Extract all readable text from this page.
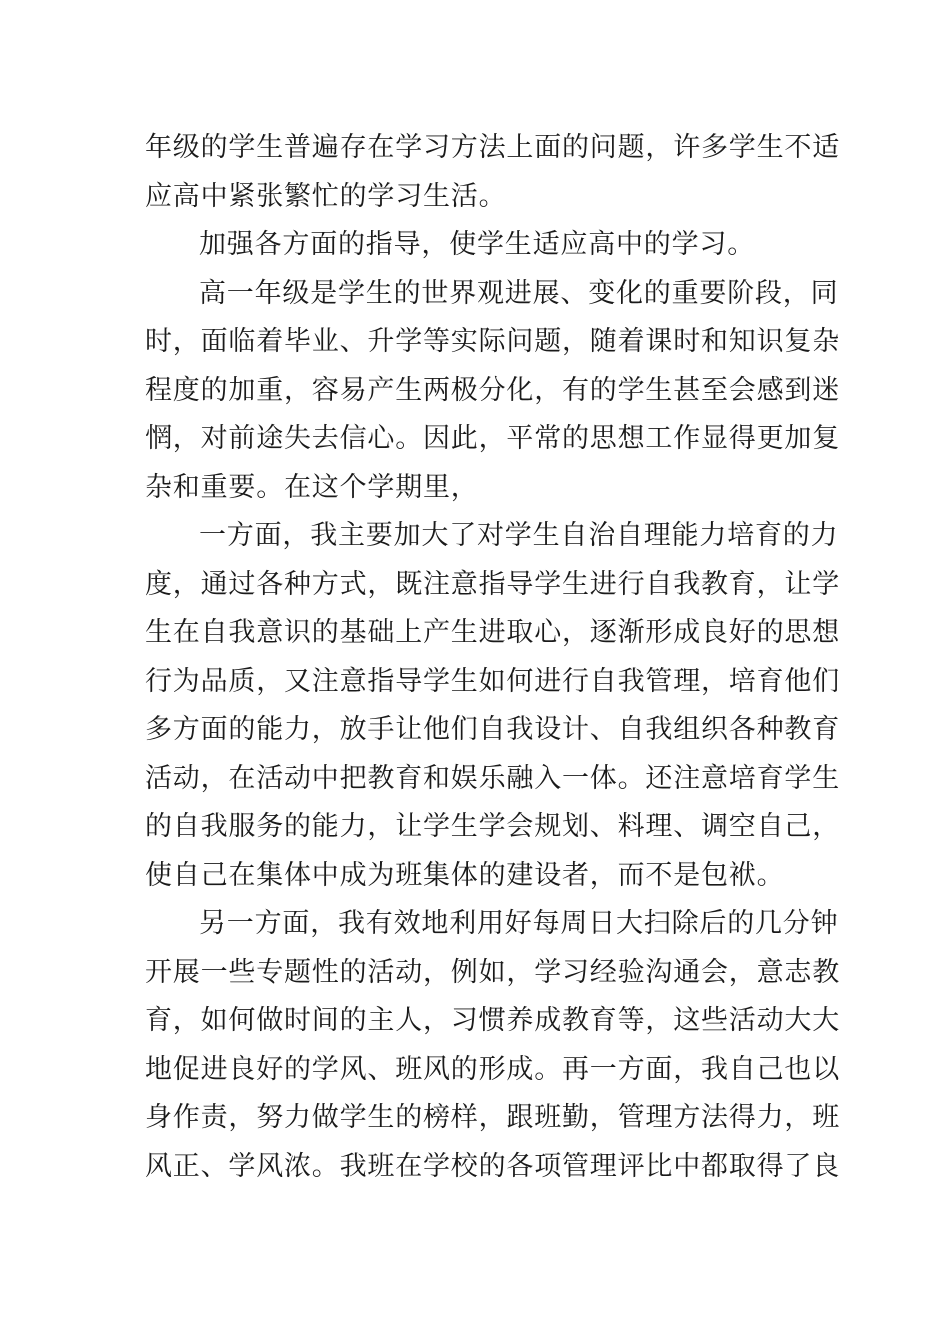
年级的学生普遍存在学习方法上面的问题，许多学生不适
应高中紧张繁忙的学习生活。
加强各方面的指导，使学生适应高中的学习。
高一年级是学生的世界观进展、变化的重要阶段，同
时，面临着毕业、升学等实际问题，随着课时和知识复杂
程度的加重，容易产生两极分化，有的学生甚至会感到迷
惘，对前途失去信心。因此，平常的思想工作显得更加复
杂和重要。在这个学期里，
一方面，我主要加大了对学生自治自理能力培育的力
度，通过各种方式，既注意指导学生进行自我教育，让学
生在自我意识的基础上产生进取心，逐渐形成良好的思想
行为品质，又注意指导学生如何进行自我管理，培育他们
多方面的能力，放手让他们自我设计、自我组织各种教育
活动，在活动中把教育和娱乐融入一体。还注意培育学生
的自我服务的能力，让学生学会规划、料理、调空自己，
使自己在集体中成为班集体的建设者，而不是包袱。
另一方面，我有效地利用好每周日大扫除后的几分钟
开展一些专题性的活动，例如，学习经验沟通会，意志教
育，如何做时间的主人，习惯养成教育等，这些活动大大
地促进良好的学风、班风的形成。再一方面，我自己也以
身作责，努力做学生的榜样，跟班勤，管理方法得力，班
风正、学风浓。我班在学校的各项管理评比中都取得了良
